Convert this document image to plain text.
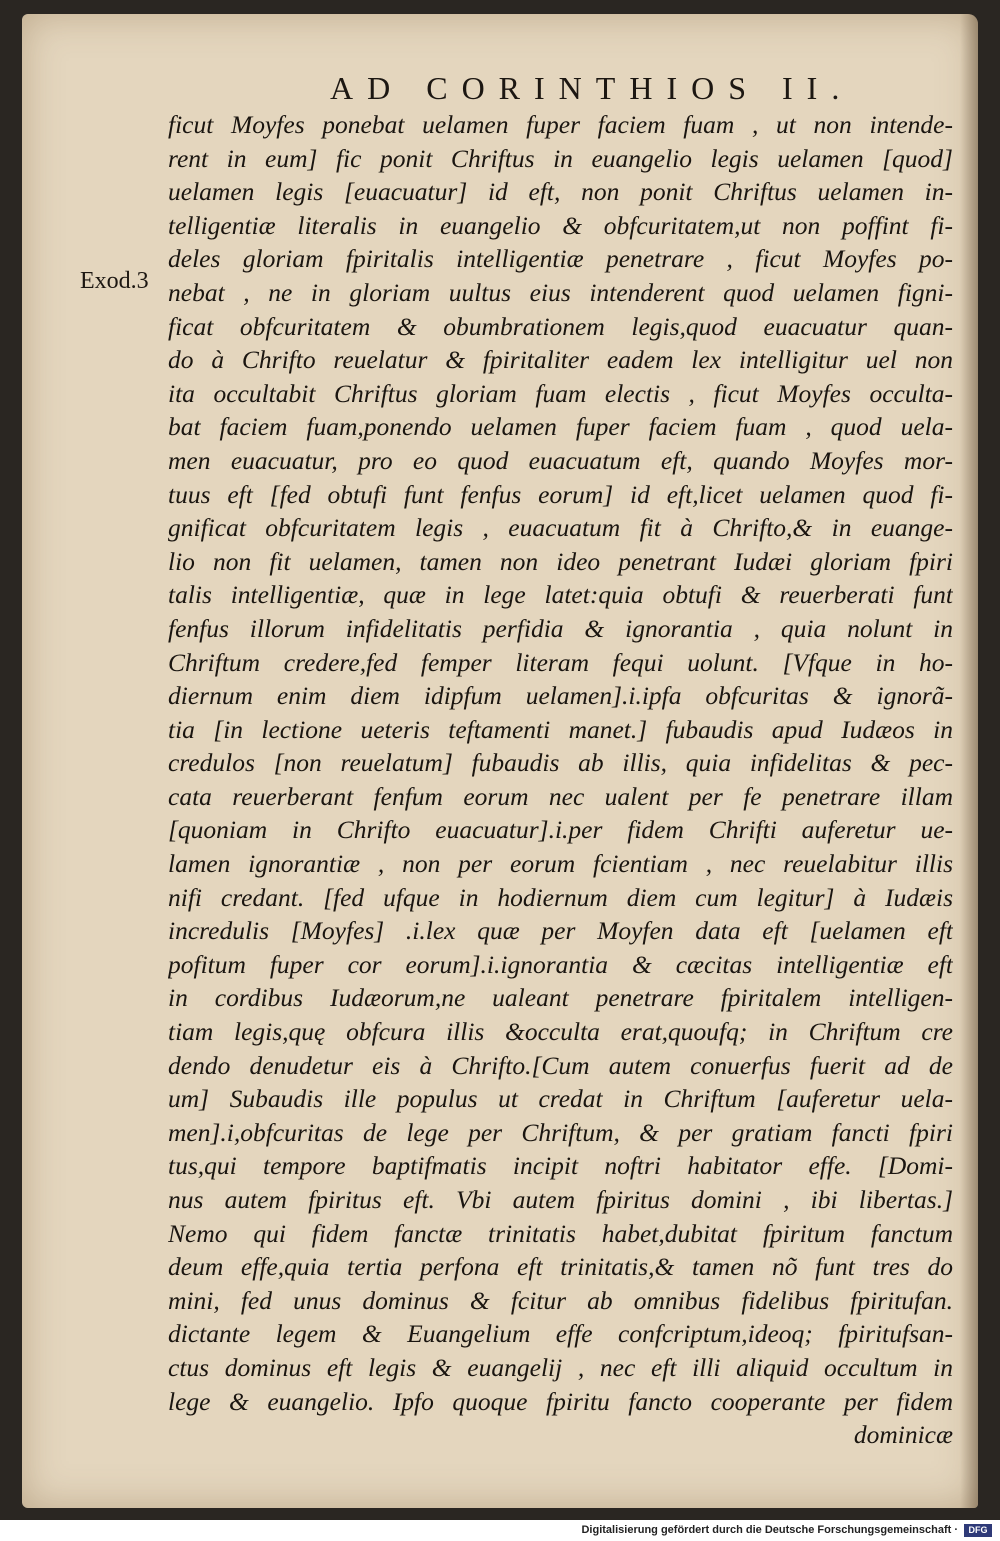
AD CORINTHIOS II.
Exod.3
ficut Moyfes ponebat uelamen fuper faciem fuam , ut non intende-
rent in eum] fic ponit Chriftus in euangelio legis uelamen [quod]
uelamen legis [euacuatur] id eft, non ponit Chriftus uelamen in-
telligentiæ literalis in euangelio & obfcuritatem,ut non poffint fi-
deles gloriam fpiritalis intelligentiæ penetrare , ficut Moyfes po-
nebat , ne in gloriam uultus eius intenderent quod uelamen figni-
ficat obfcuritatem & obumbrationem legis,quod euacuatur quan-
do à Chrifto reuelatur & fpiritaliter eadem lex intelligitur uel non
ita occultabit Chriftus gloriam fuam electis , ficut Moyfes occulta-
bat faciem fuam,ponendo uelamen fuper faciem fuam , quod uela-
men euacuatur, pro eo quod euacuatum eft, quando Moyfes mor-
tuus eft [fed obtufi funt fenfus eorum] id eft,licet uelamen quod fi-
gnificat obfcuritatem legis , euacuatum fit à Chrifto,& in euange-
lio non fit uelamen, tamen non ideo penetrant Iudæi gloriam fpiri
talis intelligentiæ, quæ in lege latet:quia obtufi & reuerberati funt
fenfus illorum infidelitatis perfidia & ignorantia , quia nolunt in
Chriftum credere,fed femper literam fequi uolunt. [Vfque in ho-
diernum enim diem idipfum uelamen].i.ipfa obfcuritas & ignorã-
tia [in lectione ueteris teftamenti manet.] fubaudis apud Iudæos in
credulos [non reuelatum] fubaudis ab illis, quia infidelitas & pec-
cata reuerberant fenfum eorum nec ualent per fe penetrare illam
[quoniam in Chrifto euacuatur].i.per fidem Chrifti auferetur ue-
lamen ignorantiæ , non per eorum fcientiam , nec reuelabitur illis
nifi credant. [fed ufque in hodiernum diem cum legitur] à Iudæis
incredulis [Moyfes] .i.lex quæ per Moyfen data eft [uelamen eft
pofitum fuper cor eorum].i.ignorantia & cæcitas intelligentiæ eft
in cordibus Iudæorum,ne ualeant penetrare fpiritalem intelligen-
tiam legis,quę obfcura illis &occulta erat,quoufq; in Chriftum cre
dendo denudetur eis à Chrifto.[Cum autem conuerfus fuerit ad de
um] Subaudis ille populus ut credat in Chriftum [auferetur uela-
men].i,obfcuritas de lege per Chriftum, & per gratiam fancti fpiri
tus,qui tempore baptifmatis incipit noftri habitator effe. [Domi-
nus autem fpiritus eft. Vbi autem fpiritus domini , ibi libertas.]
Nemo qui fidem fanctæ trinitatis habet,dubitat fpiritum fanctum
deum effe,quia tertia perfona eft trinitatis,& tamen nõ funt tres do
mini, fed unus dominus & fcitur ab omnibus fidelibus fpiritufan.
dictante legem & Euangelium effe confcriptum,ideoq; fpiritufsan-
ctus dominus eft legis & euangelij , nec eft illi aliquid occultum in
lege & euangelio. Ipfo quoque fpiritu fancto cooperante per fidem
dominicæ
Digitalisierung gefördert durch die Deutsche Forschungsgemeinschaft ·	DFG
